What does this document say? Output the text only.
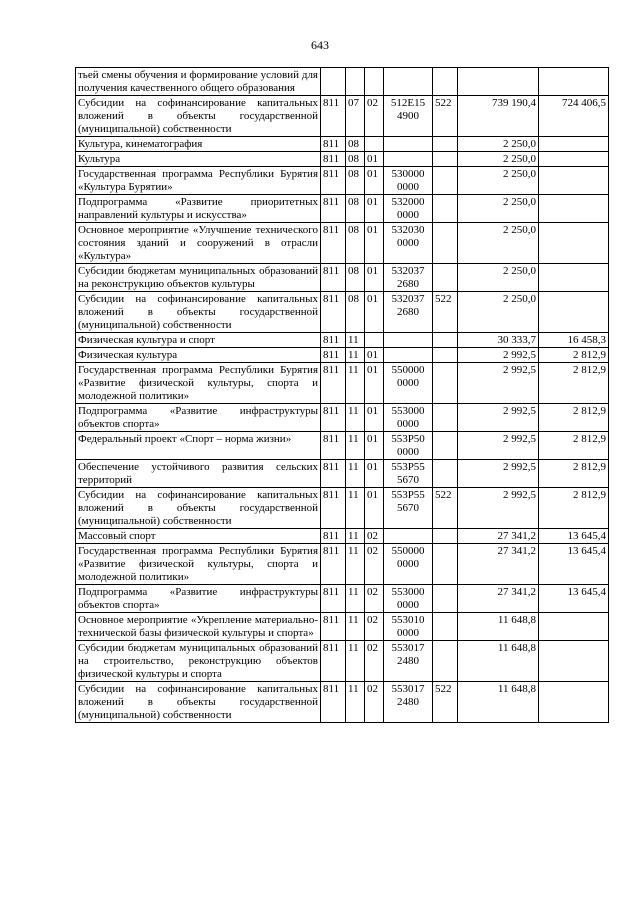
643
тьей смены обучения и формирование условий для получения качественного общего образования							
Субсидии на софинансирование капитальных вложений в объекты государственной (муниципальной) собственности	811	07	02	512E15 4900	522	739 190,4	724 406,5
Культура, кинематография	811	08				2 250,0	
Культура	811	08	01			2 250,0	
Государственная программа Республики Бурятия «Культура Бурятии»	811	08	01	530000 0000		2 250,0	
Подпрограмма «Развитие приоритетных направлений культуры и искусства»	811	08	01	532000 0000		2 250,0	
Основное мероприятие «Улучшение технического состояния зданий и сооружений в отрасли «Культура»	811	08	01	532030 0000		2 250,0	
Субсидии бюджетам муниципальных образований на реконструкцию объектов культуры	811	08	01	532037 2680		2 250,0	
Субсидии на софинансирование капитальных вложений в объекты государственной (муниципальной) собственности	811	08	01	532037 2680	522	2 250,0	
Физическая культура и спорт	811	11				30 333,7	16 458,3
Физическая культура	811	11	01			2 992,5	2 812,9
Государственная программа Республики Бурятия «Развитие физической культуры, спорта и молодежной политики»	811	11	01	550000 0000		2 992,5	2 812,9
Подпрограмма «Развитие инфраструктуры объектов спорта»	811	11	01	553000 0000		2 992,5	2 812,9
Федеральный проект «Спорт – норма жизни»	811	11	01	553P50 0000		2 992,5	2 812,9
Обеспечение устойчивого развития сельских территорий	811	11	01	553P55 5670		2 992,5	2 812,9
Субсидии на софинансирование капитальных вложений в объекты государственной (муниципальной) собственности	811	11	01	553P55 5670	522	2 992,5	2 812,9
Массовый спорт	811	11	02			27 341,2	13 645,4
Государственная программа Республики Бурятия «Развитие физической культуры, спорта и молодежной политики»	811	11	02	550000 0000		27 341,2	13 645,4
Подпрограмма «Развитие инфраструктуры объектов спорта»	811	11	02	553000 0000		27 341,2	13 645,4
Основное мероприятие «Укрепление материально-технической базы физической культуры и спорта»	811	11	02	553010 0000		11 648,8	
Субсидии бюджетам муниципальных образований на строительство, реконструкцию объектов физической культуры и спорта	811	11	02	553017 2480		11 648,8	
Субсидии на софинансирование капитальных вложений в объекты государственной (муниципальной) собственности	811	11	02	553017 2480	522	11 648,8	
